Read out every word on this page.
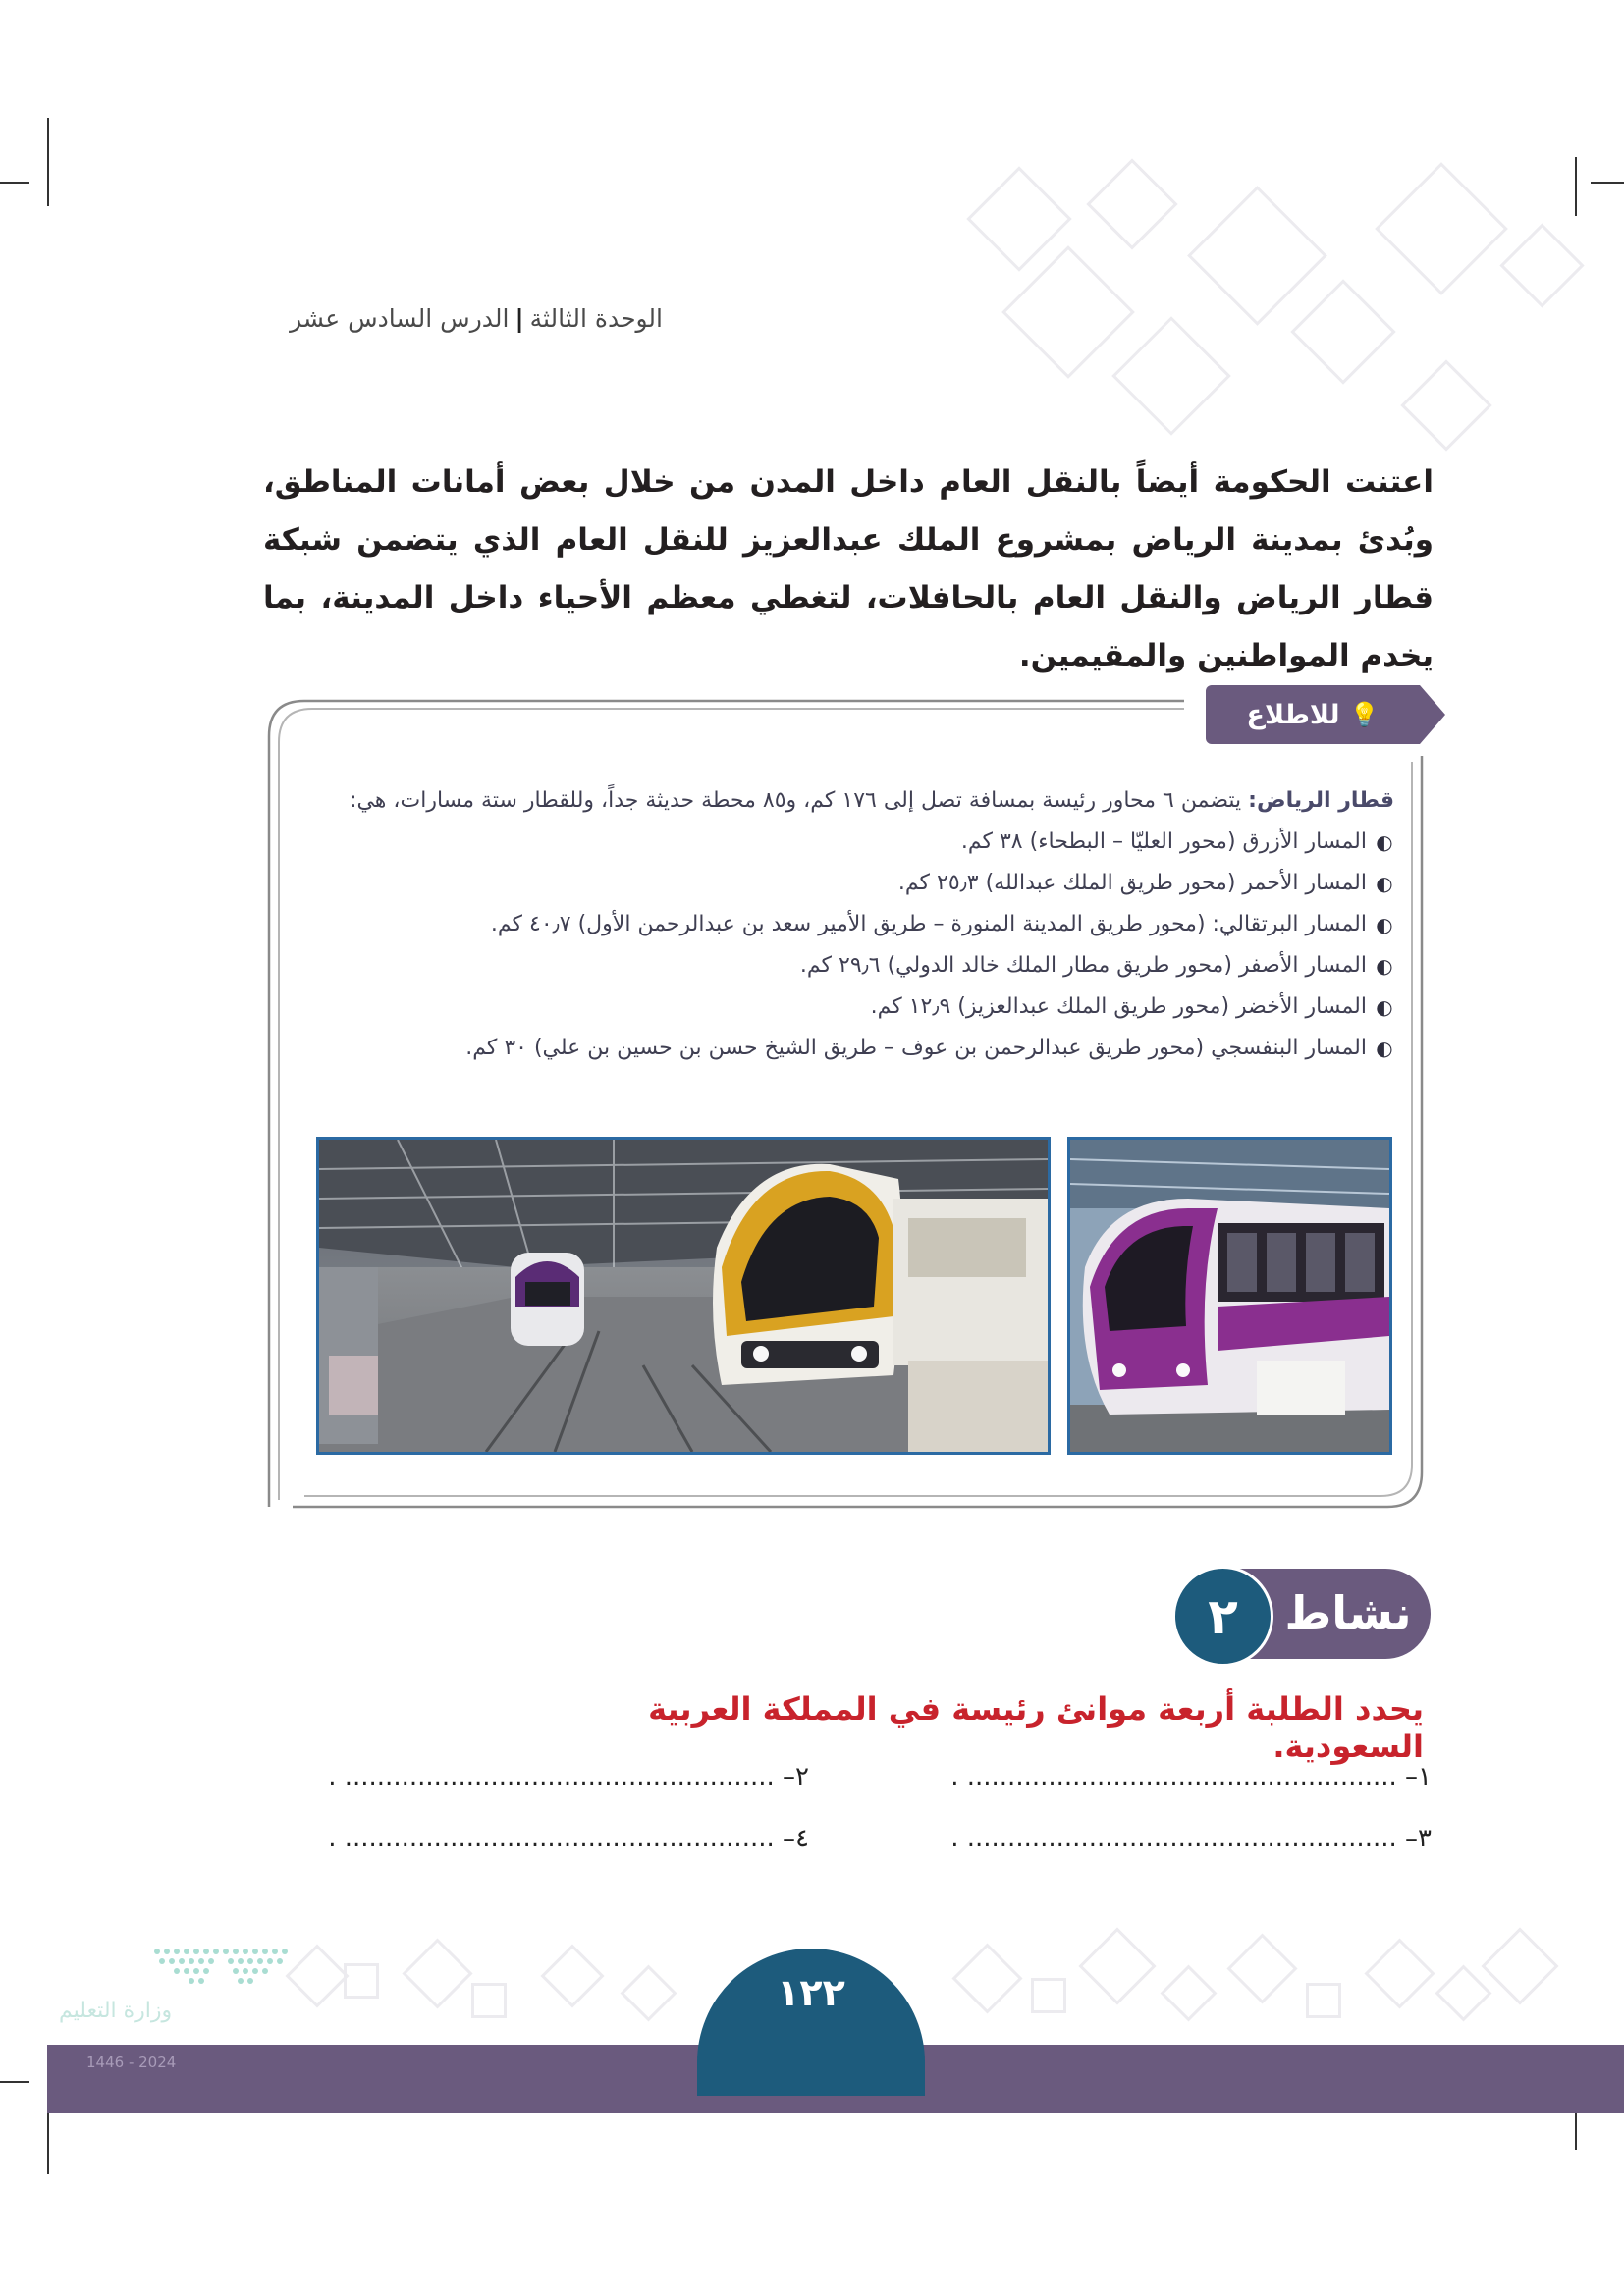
الوحدة الثالثة|الدرس السادس عشر
اعتنت الحكومة أيضاً بالنقل العام داخل المدن من خلال بعض أمانات المناطق، وبُدئ بمدينة الرياض بمشروع الملك عبدالعزيز للنقل العام الذي يتضمن شبكة قطار الرياض والنقل العام بالحافلات، لتغطي معظم الأحياء داخل المدينة، بما يخدم المواطنين والمقيمين.
💡
للاطلاع
قطار الرياض: يتضمن ٦ محاور رئيسة بمسافة تصل إلى ١٧٦ كم، و٨٥ محطة حديثة جداً، وللقطار ستة مسارات، هي:
◐
المسار الأزرق (محور العليّا – البطحاء) ٣٨ كم.
◐
المسار الأحمر (محور طريق الملك عبدالله) ٢٥٫٣ كم.
◐
المسار البرتقالي: (محور طريق المدينة المنورة – طريق الأمير سعد بن عبدالرحمن الأول) ٤٠٫٧ كم.
◐
المسار الأصفر (محور طريق مطار الملك خالد الدولي) ٢٩٫٦ كم.
◐
المسار الأخضر (محور طريق الملك عبدالعزيز) ١٢٫٩ كم.
◐
المسار البنفسجي (محور طريق عبدالرحمن بن عوف – طريق الشيخ حسن بن حسين بن علي) ٣٠ كم.
نشاط
٢
يحدد الطلبة أربعة موانئ رئيسة في المملكة العربية السعودية.
١– ..................................................... .
٢– ..................................................... .
٣– ..................................................... .
٤– ..................................................... .
وزارة التعليم
2024 - 1446
١٢٢
